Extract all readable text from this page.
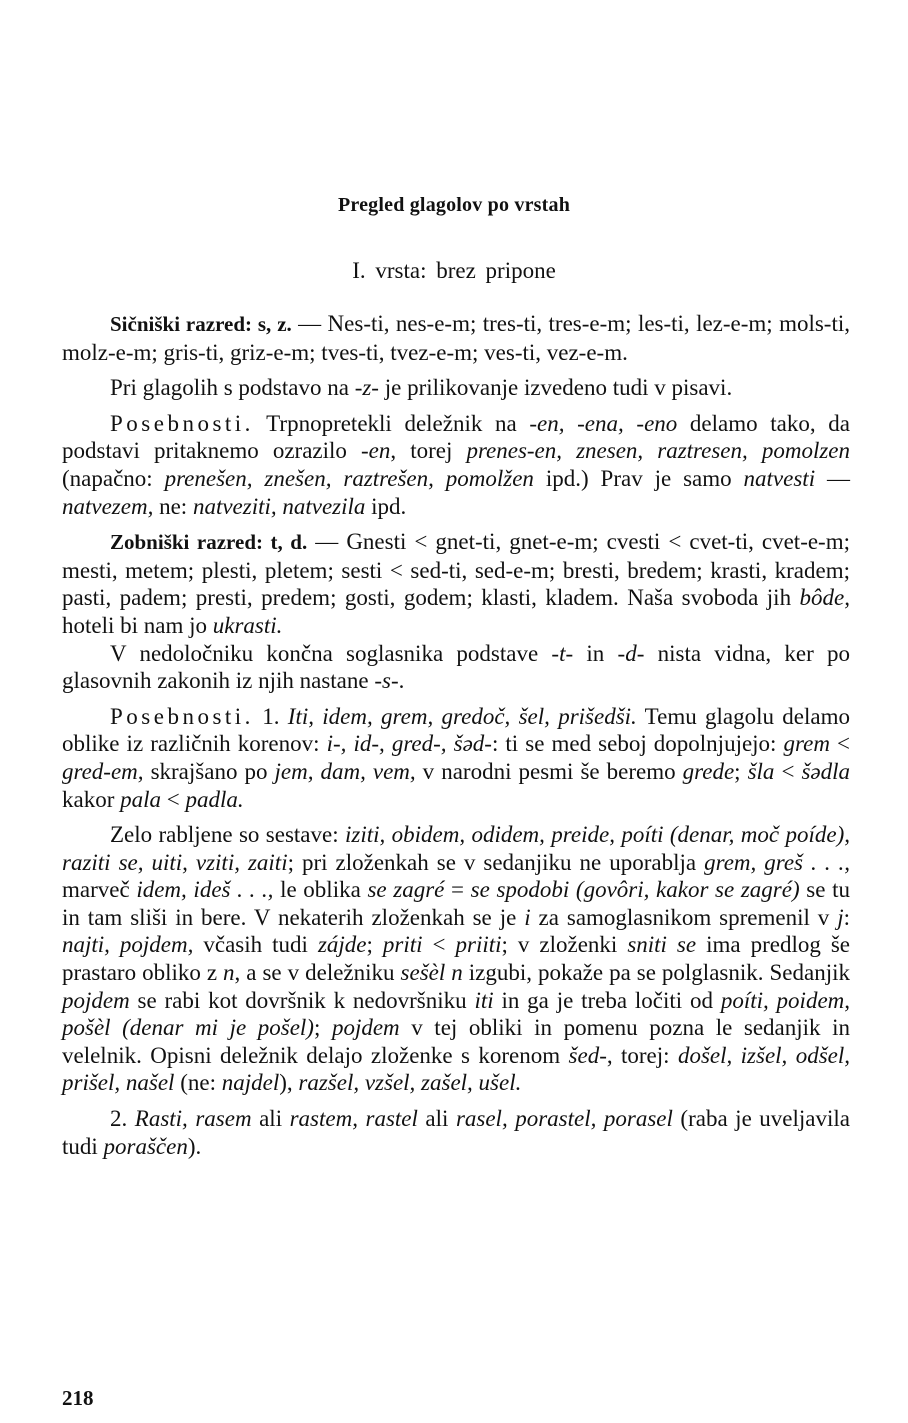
Pregled glagolov po vrstah
I. vrsta: brez pripone

Sičniški razred: s, z. — Nes-ti, nes-e-m; tres-ti, tres-e-m; les-ti, lez-e-m; mols-ti, molz-e-m; gris-ti, griz-e-m; tves-ti, tvez-e-m; ves-ti, vez-e-m.

Pri glagolih s podstavo na -z- je prilikovanje izvedeno tudi v pisavi.

Posebnosti. Trpnopretekli deležnik na -en, -ena, -eno delamo tako, da podstavi pritaknemo ozrazilo -en, torej prenes-en, znesen, raztresen, pomolzen (napačno: prenešen, znešen, raztrešen, pomolžen ipd.) Prav je samo natvesti — natvezem, ne: natveziti, natvezila ipd.

Zobniški razred: t, d. — Gnesti < gnet-ti, gnet-e-m; cvesti < cvet-ti, cvet-e-m; mesti, metem; plesti, pletem; sesti < sed-ti, sed-e-m; bresti, bredem; krasti, kradem; pasti, padem; presti, predem; gosti, godem; klasti, kladem. Naša svoboda jih bôde, hoteli bi nam jo ukrasti.

V nedoločniku končna soglasnika podstave -t- in -d- nista vidna, ker po glasovnih zakonih iz njih nastane -s-.

Posebnosti. 1. Iti, idem, grem, gredoč, šel, prišedši. Temu glagolu delamo oblike iz različnih korenov: i-, id-, gred-, šəd-: ti se med seboj dopolnjujejo: grem < gred-em, skrajšano po jem, dam, vem, v narodni pesmi še beremo grede; šla < šədla kakor pala < padla.

Zelo rabljene so sestave: iziti, obidem, odidem, preide, poíti (denar, moč poíde), raziti se, uiti, vziti, zaiti; pri zloženkah se v sedanjiku ne uporablja grem, greš . . ., marveč idem, ideš . . ., le oblika se zagré = se spodobi (govôri, kakor se zagré) se tu in tam sliši in bere. V nekaterih zloženkah se je i za samoglasnikom spremenil v j: najti, pojdem, včasih tudi zájde; priti < priiti; v zloženki sniti se ima predlog še prastaro obliko z n, a se v deležniku sešèl n izgubi, pokaže pa se polglasnik. Sedanjik pojdem se rabi kot dovršnik k nedovršniku iti in ga je treba ločiti od poíti, poidem, pošèl (denar mi je pošel); pojdem v tej obliki in pomenu pozna le sedanjik in velelnik. Opisni deležnik delajo zloženke s korenom šed-, torej: došel, izšel, odšel, prišel, našel (ne: najdel), razšel, vzšel, zašel, ušel.

2. Rasti, rasem ali rastem, rastel ali rasel, porastel, porasel (raba je uveljavila tudi poraščen).

218
